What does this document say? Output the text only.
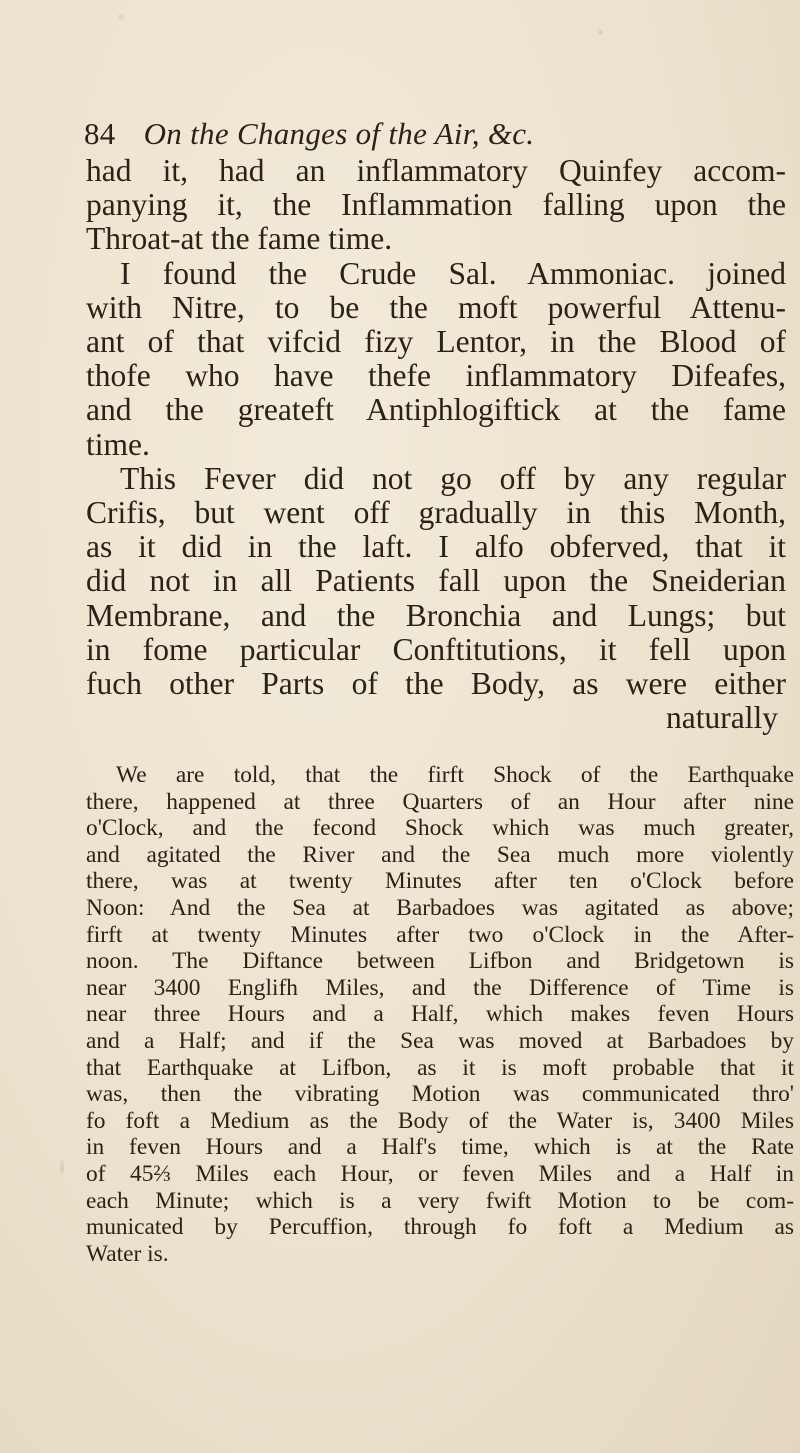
84 On the Changes of the Air, &c.
had it, had an inflammatory Quinfey accom-
panying it, the Inflammation falling upon the
Throat-at the fame time.
I found the Crude Sal. Ammoniac. joined
with Nitre, to be the moft powerful Attenu-
ant of that vifcid fizy Lentor, in the Blood of
thofe who have thefe inflammatory Difeafes,
and the greateft Antiphlogiftick at the fame
time.
This Fever did not go off by any regular
Crifis, but went off gradually in this Month,
as it did in the laft. I alfo obferved, that it
did not in all Patients fall upon the Sneiderian
Membrane, and the Bronchia and Lungs; but
in fome particular Conftitutions, it fell upon
fuch other Parts of the Body, as were either
naturally
We are told, that the firft Shock of the Earthquake
there, happened at three Quarters of an Hour after nine
o'Clock, and the fecond Shock which was much greater,
and agitated the River and the Sea much more violently
there, was at twenty Minutes after ten o'Clock before
Noon: And the Sea at Barbadoes was agitated as above;
firft at twenty Minutes after two o'Clock in the After-
noon. The Diftance between Lifbon and Bridgetown is
near 3400 Englifh Miles, and the Difference of Time is
near three Hours and a Half, which makes feven Hours
and a Half; and if the Sea was moved at Barbadoes by
that Earthquake at Lifbon, as it is moft probable that it
was, then the vibrating Motion was communicated thro'
fo foft a Medium as the Body of the Water is, 3400 Miles
in feven Hours and a Half's time, which is at the Rate
of 45⅔ Miles each Hour, or feven Miles and a Half in
each Minute; which is a very fwift Motion to be com-
municated by Percuffion, through fo foft a Medium as
Water is.
